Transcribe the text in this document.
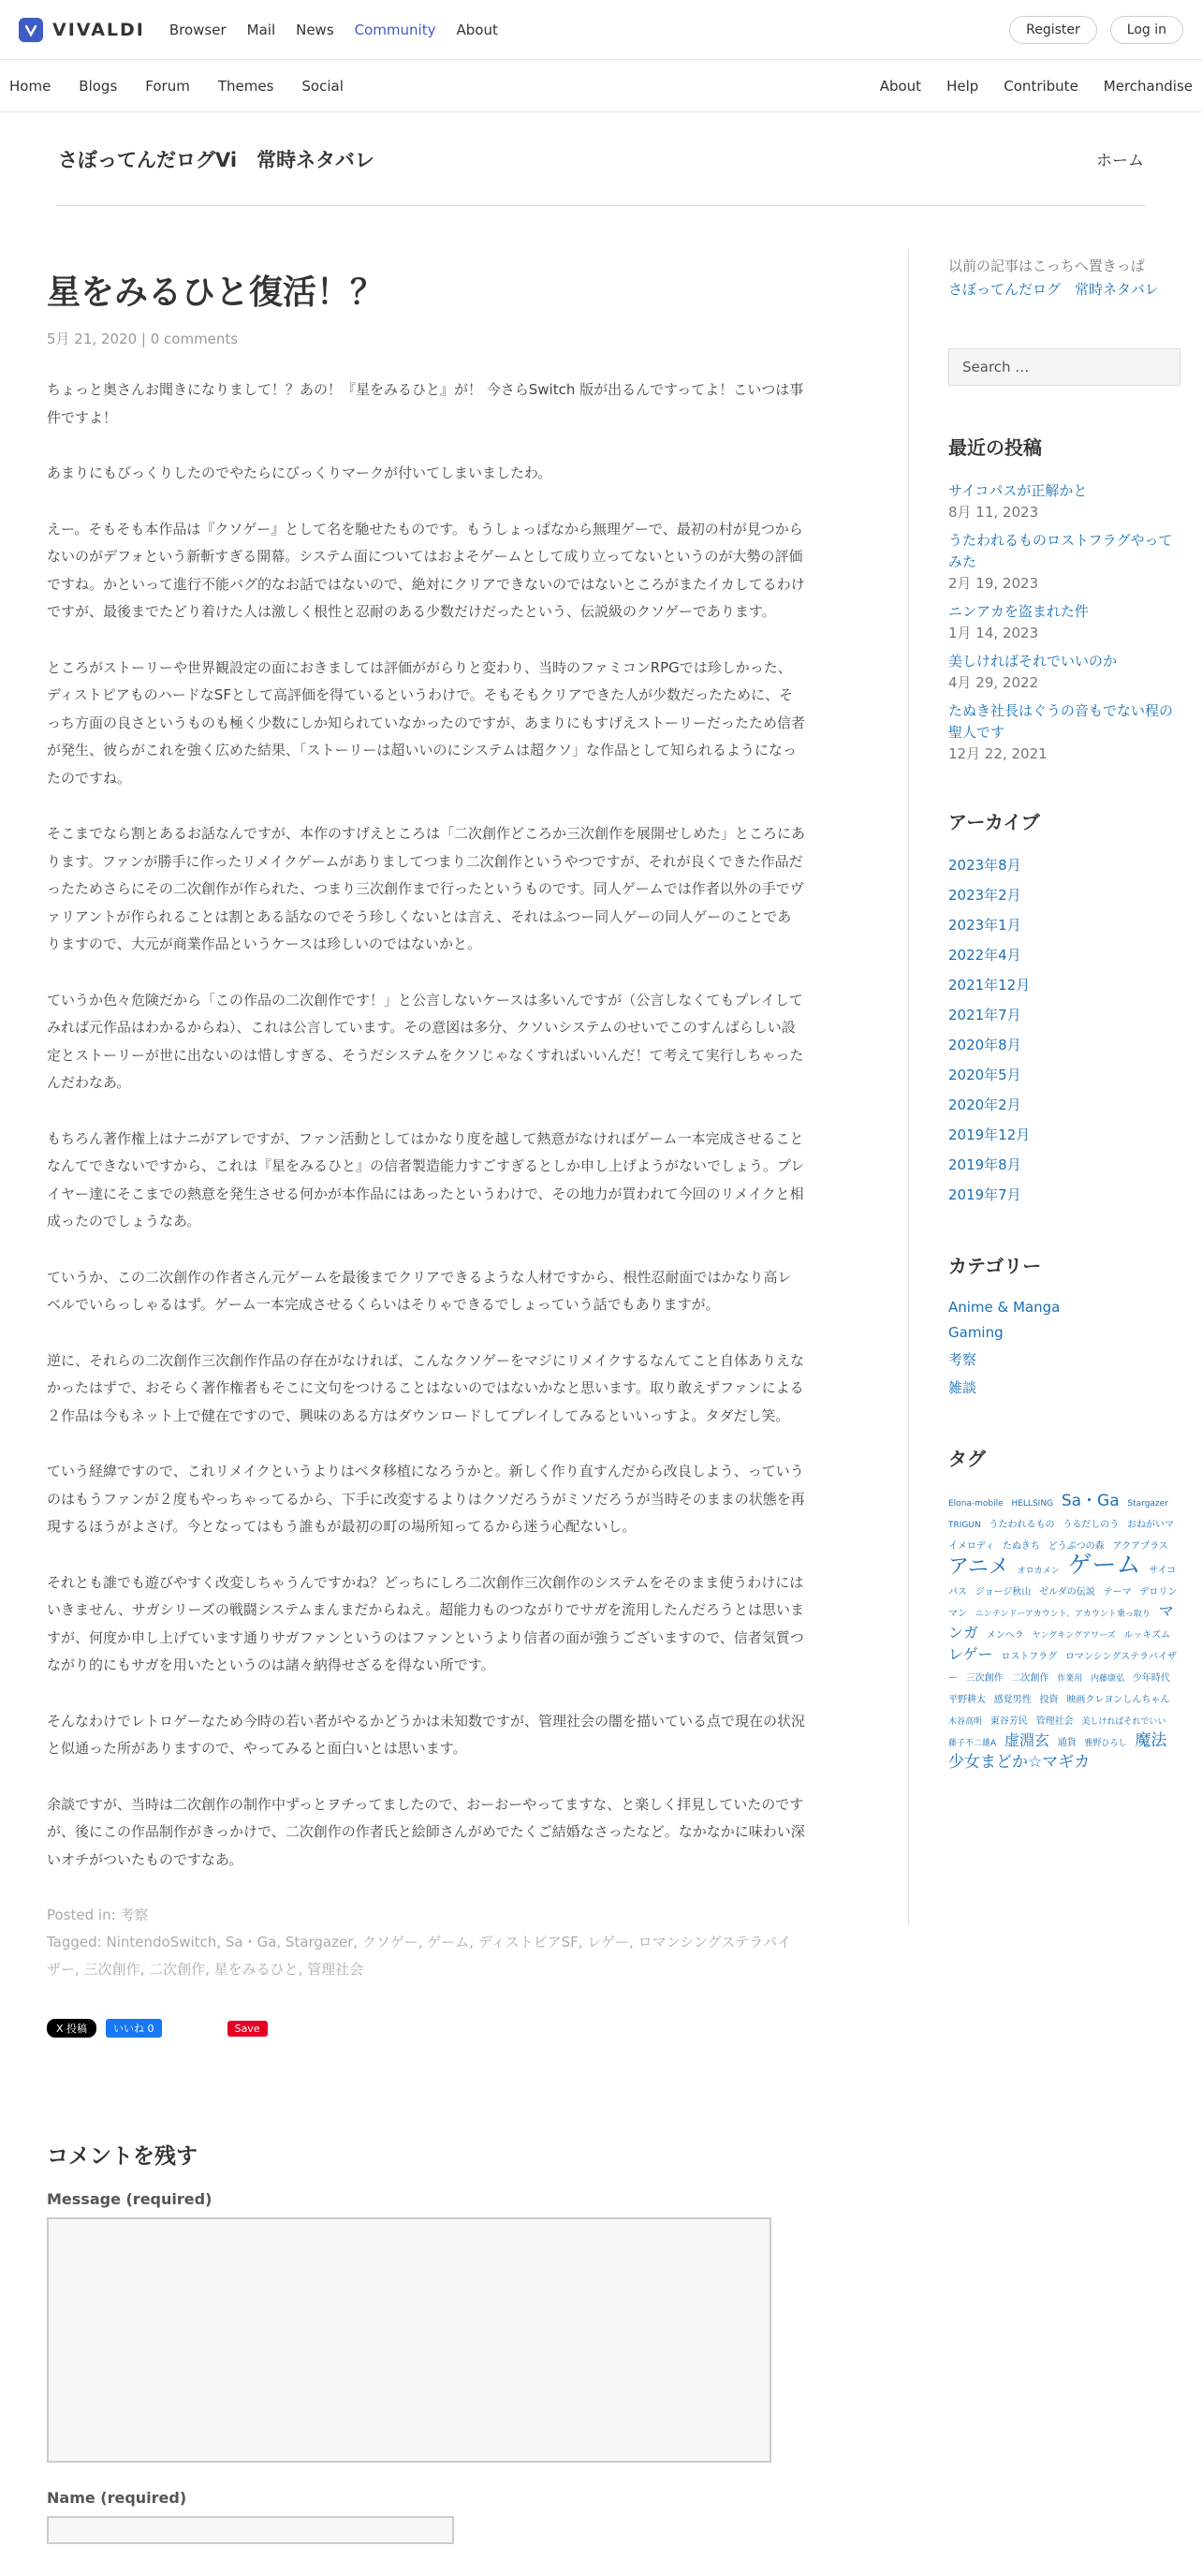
VIVALDI Browser Mail News Community About	Register	Log in
Home Blogs Forum Themes Social	About Help Contribute Merchandise
さぼってんだログVi　常時ネタバレ	ホーム
星をみるひと復活！？
5月 21, 2020 | 0 comments

ちょっと奥さんお聞きになりまして！？あの！『星をみるひと』が！ 今さらSwitch 版が出るんですってよ！こいつは事件ですよ！

あまりにもびっくりしたのでやたらにびっくりマークが付いてしまいましたわ。

えー。そもそも本作品は『クソゲー』として名を馳せたものです。もうしょっぱなから無理ゲーで、最初の村が見つからないのがデフォという新斬すぎる開幕。システム面についてはおよそゲームとして成り立ってないというのが大勢の評価ですね。かといって進行不能バグ的なお話ではないので、絶対にクリアできないのではないところがまたイカしてるわけですが、最後までたどり着けた人は激しく根性と忍耐のある少数だけだったという、伝説級のクソゲーであります。

ところがストーリーや世界観設定の面におきましては評価ががらりと変わり、当時のファミコンRPGでは珍しかった、ディストピアものハードなSFとして高評価を得ているというわけで。そもそもクリアできた人が少数だったために、そっち方面の良さというものも極く少数にしか知られていなかったのですが、あまりにもすげえストーリーだったため信者が発生、彼らがこれを強く広めた結果、「ストーリーは超いいのにシステムは超クソ」な作品として知られるようになったのですね。

そこまでなら割とあるお話なんですが、本作のすげえところは「二次創作どころか三次創作を展開せしめた」ところにあります。ファンが勝手に作ったリメイクゲームがありましてつまり二次創作というやつですが、それが良くできた作品だったためさらにその二次創作が作られた、つまり三次創作まで行ったというものです。同人ゲームでは作者以外の手でヴァリアントが作られることは割とある話なのでそう珍しくないとは言え、それはふつー同人ゲーの同人ゲーのことでありますので、大元が商業作品というケースは珍しいのではないかと。

ていうか色々危険だから「この作品の二次創作です！」と公言しないケースは多いんですが（公言しなくてもプレイしてみれば元作品はわかるからね）、これは公言しています。その意図は多分、クソいシステムのせいでこのすんばらしい設定とストーリーが世に出ないのは惜しすぎる、そうだシステムをクソじゃなくすればいいんだ！て考えて実行しちゃったんだわなあ。

もちろん著作権上はナニがアレですが、ファン活動としてはかなり度を越して熱意がなければゲーム一本完成させることなんてできないですから、これは『星をみるひと』の信者製造能力すごすぎるとしか申し上げようがないでしょう。プレイヤー達にそこまでの熱意を発生させる何かが本作品にはあったというわけで、その地力が買われて今回のリメイクと相成ったのでしょうなあ。

ていうか、この二次創作の作者さん元ゲームを最後までクリアできるような人材ですから、根性忍耐面ではかなり高レベルでいらっしゃるはず。ゲーム一本完成させるくらいはそりゃできるでしょっていう話でもありますが。

逆に、それらの二次創作三次創作作品の存在がなければ、こんなクソゲーをマジにリメイクするなんてこと自体ありえなかったはずで、おそらく著作権者もそこに文句をつけることはないのではないかなと思います。取り敢えずファンによる２作品は今もネット上で健在ですので、興味のある方はダウンロードしてプレイしてみるといいっすよ。タダだし笑。

ていう経緯ですので、これリメイクというよりはベタ移植になろうかと。新しく作り直すんだから改良しよう、っていうのはもうファンが２度もやっちゃってるから、下手に改変するよりはクソだろうがミソだろうが当時そのままの状態を再現するほうがよさげ。今となってはもう誰もが最初の町の場所知ってるから迷う心配ないし。

それとも誰でも遊びやすく改変しちゃうんですかね？どっちにしろ二次創作三次創作のシステムをそのまま使うわけにはいきません、サガシリーズの戦闘システムまんまだからねえ。超能力ものつながりでサガを流用したんだろうとは思いますが、何度か申し上げています通りサガファンというのはファンというより信者の面が強うございますので、信者気質つながり的にもサガを用いたというのは諸々納得せざるを得ない所です。

そんなわけでレトロゲーなため今時の若い者がやるかどうかは未知数ですが、管理社会の闇を描いている点で現在の状況と似通った所がありますので、やってみると面白いとは思います。

余談ですが、当時は二次創作の制作中ずっとヲチってましたので、おーおーやってますな、と楽しく拝見していたのですが、後にこの作品制作がきっかけで、二次創作の作者氏と絵師さんがめでたくご結婚なさったなど。なかなかに味わい深いオチがついたものですなあ。

Posted in: 考察
Tagged: NintendoSwitch, Sa・Ga, Stargazer, クソゲー, ゲーム, ディストピアSF, レゲー, ロマンシングステラバイザー, 三次創作, 二次創作, 星をみるひと, 管理社会
X 投稿	いいね 0	Save
コメントを残す
Message (required)
Name (required)
以前の記事はこっちへ置きっぱ
さぼってんだログ　常時ネタバレ
Search …
最近の投稿
サイコパスが正解かと
8月 11, 2023
うたわれるものロストフラグやってみた
2月 19, 2023
ニンアカを盗まれた件
1月 14, 2023
美しければそれでいいのか
4月 29, 2022
たぬき社長はぐうの音もでない程の聖人です
12月 22, 2021
アーカイブ
2023年8月
2023年2月
2023年1月
2022年4月
2021年12月
2021年7月
2020年8月
2020年5月
2020年2月
2019年12月
2019年8月
2019年7月
カテゴリー
Anime & Manga
Gaming
考察
雑談
タグ
Elona-mobile HELLSING Sa・Ga Stargazer TRIGUN うたわれるもの うるだしのう おねがいマイメロディ たぬきち どうぶつの森 アクアプラス アニメ オロカメン ゲーム サイコパス ジョージ秋山 ゼルダの伝説 テーマ デロリンマン ニンテンドーアカウント、アカウント乗っ取り マンガ メンヘラ ヤングキングアワーズ ルッキズム レゲー ロストフラグ ロマンシングステラバイザー 三次創作 二次創作 作業用 内藤康弘 少年時代 平野耕太 感覚男性 投資 映画クレヨンしんちゃん 木谷高明 東谷芳民 管理社会 美しければそれでいい 藤子不二雄A 虚淵玄 通貨 雅野ひろし 魔法少女まどか☆マギカ
